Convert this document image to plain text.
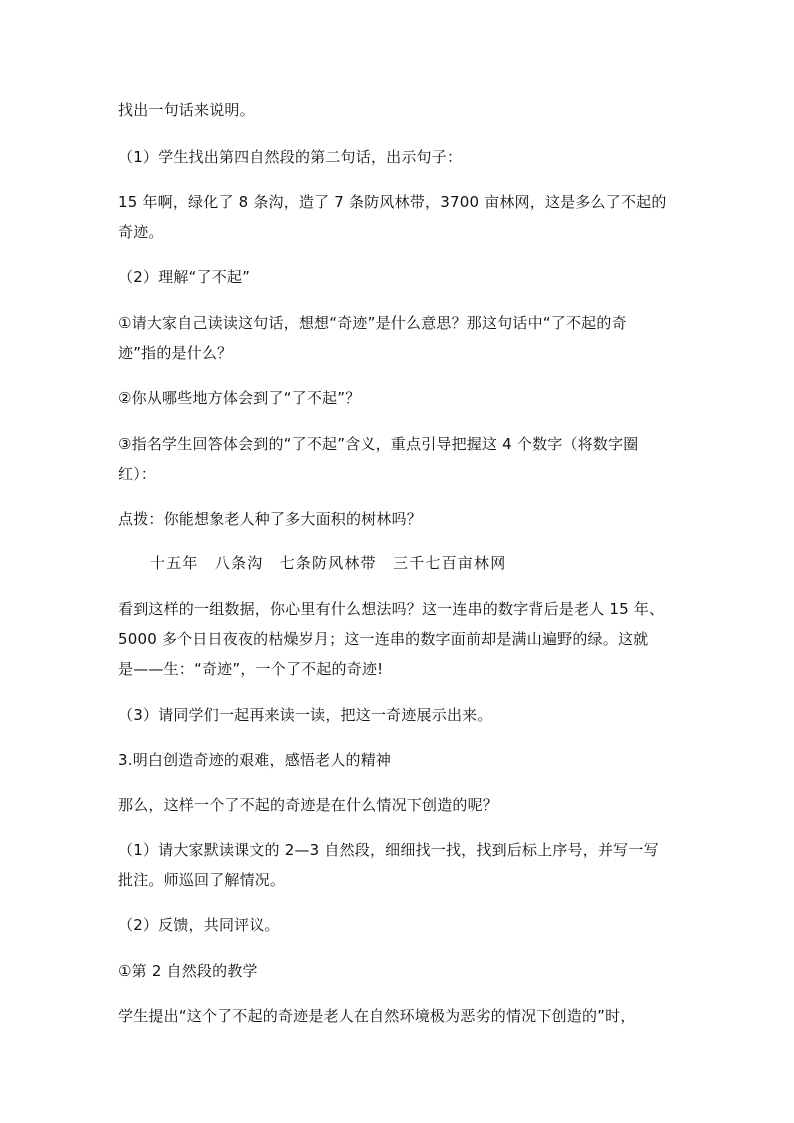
找出一句话来说明。
（1）学生找出第四自然段的第二句话，出示句子：
15 年啊，绿化了 8 条沟，造了 7 条防风林带，3700 亩林网，这是多么了不起的
奇迹。
（2）理解“了不起”
①请大家自己读读这句话，想想“奇迹”是什么意思？那这句话中“了不起的奇
迹”指的是什么？
②你从哪些地方体会到了“了不起”？
③指名学生回答体会到的“了不起”含义，重点引导把握这 4 个数字（将数字圈
红）：
点拨：你能想象老人种了多大面积的树林吗？
十五年　八条沟　七条防风林带　三千七百亩林网
看到这样的一组数据，你心里有什么想法吗？这一连串的数字背后是老人 15 年、
5000 多个日日夜夜的枯燥岁月；这一连串的数字面前却是满山遍野的绿。这就
是——生：“奇迹”，一个了不起的奇迹!
（3）请同学们一起再来读一读，把这一奇迹展示出来。
3.明白创造奇迹的艰难，感悟老人的精神
那么，这样一个了不起的奇迹是在什么情况下创造的呢？
（1）请大家默读课文的 2—3 自然段，细细找一找，找到后标上序号，并写一写
批注。师巡回了解情况。
（2）反馈，共同评议。
①第 2 自然段的教学
学生提出“这个了不起的奇迹是老人在自然环境极为恶劣的情况下创造的”时，
